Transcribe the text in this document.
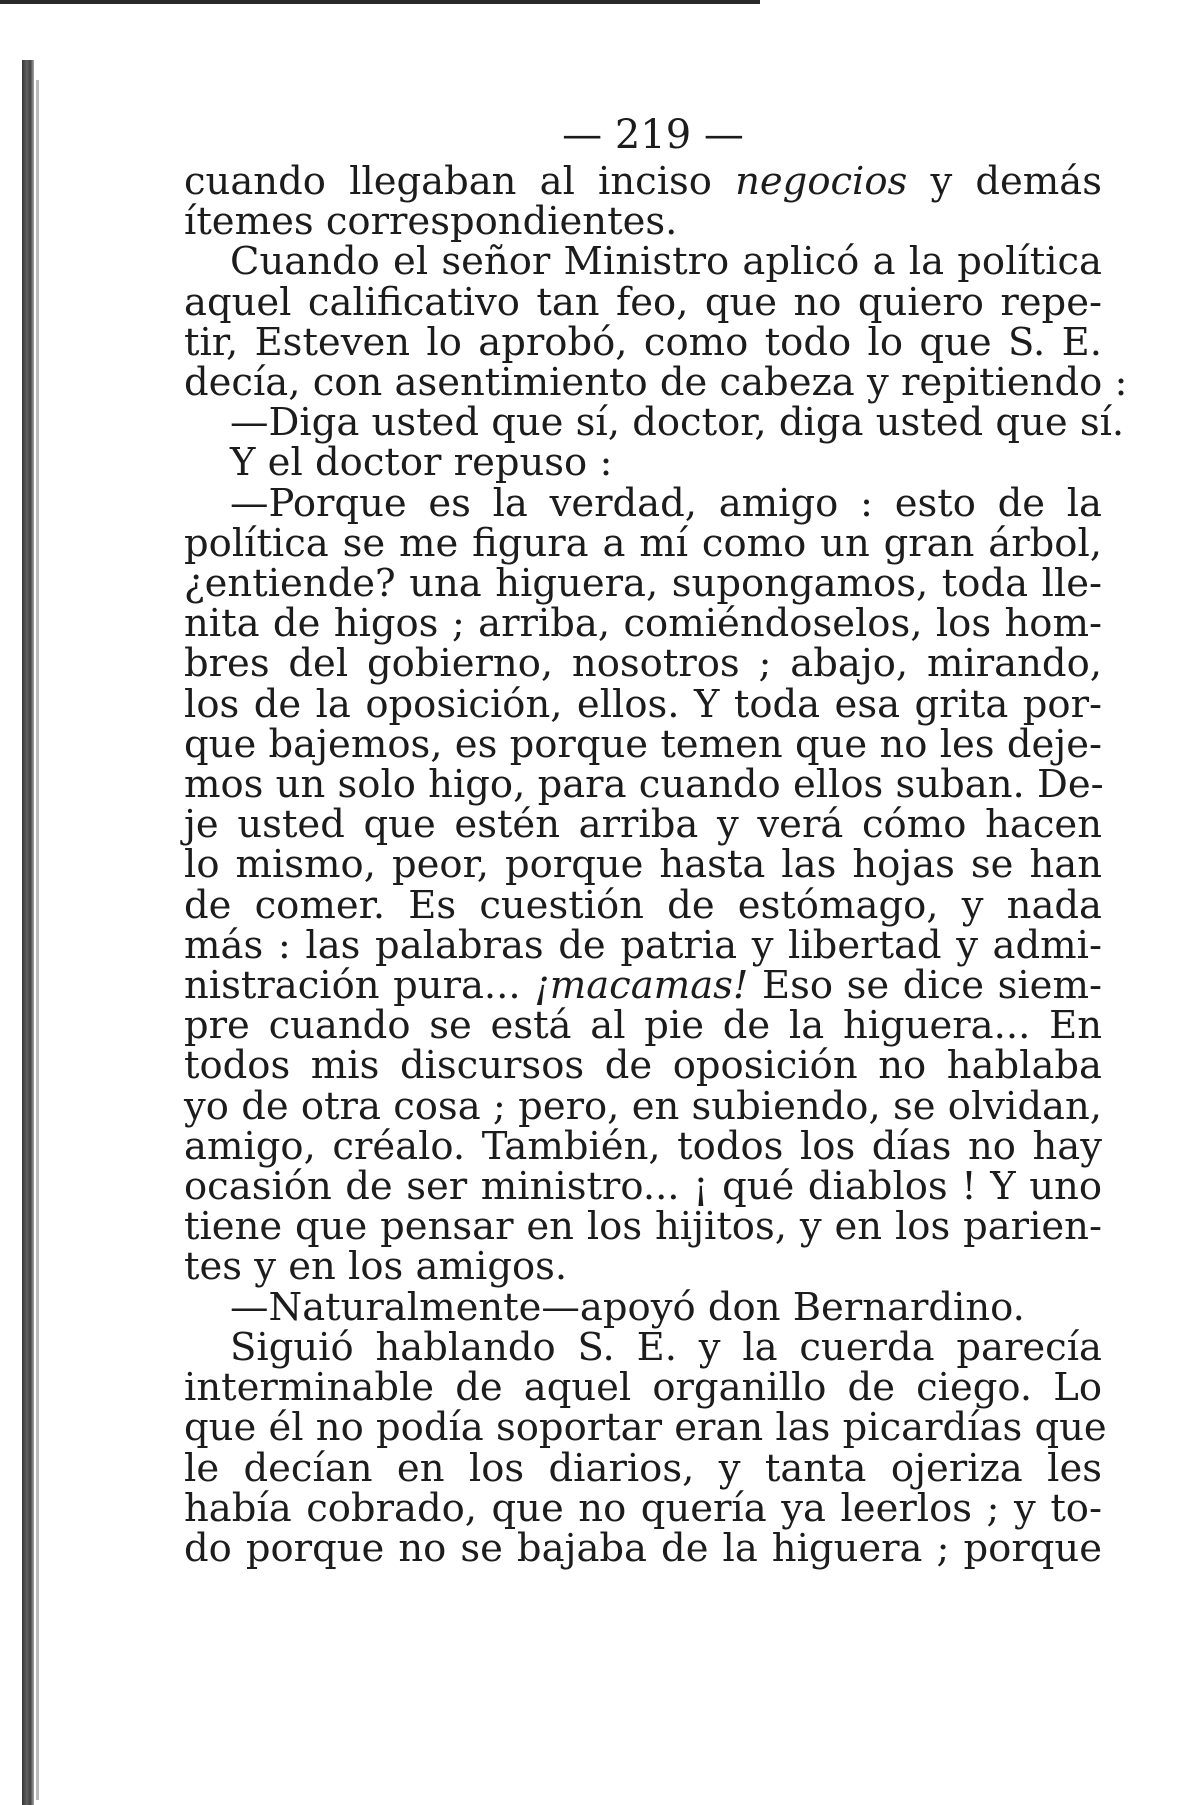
— 219 —
cuando llegaban al inciso negocios y demás
ítemes correspondientes.
Cuando el señor Ministro aplicó a la política
aquel calificativo tan feo, que no quiero repe-
tir, Esteven lo aprobó, como todo lo que S. E.
decía, con asentimiento de cabeza y repitiendo :
—Diga usted que sí, doctor, diga usted que sí.
Y el doctor repuso :
—Porque es la verdad, amigo : esto de la
política se me figura a mí como un gran árbol,
¿entiende? una higuera, supongamos, toda lle-
nita de higos ; arriba, comiéndoselos, los hom-
bres del gobierno, nosotros ; abajo, mirando,
los de la oposición, ellos. Y toda esa grita por-
que bajemos, es porque temen que no les deje-
mos un solo higo, para cuando ellos suban. De-
je usted que estén arriba y verá cómo hacen
lo mismo, peor, porque hasta las hojas se han
de comer. Es cuestión de estómago, y nada
más : las palabras de patria y libertad y admi-
nistración pura... ¡macamas! Eso se dice siem-
pre cuando se está al pie de la higuera... En
todos mis discursos de oposición no hablaba
yo de otra cosa ; pero, en subiendo, se olvidan,
amigo, créalo. También, todos los días no hay
ocasión de ser ministro... ¡ qué diablos ! Y uno
tiene que pensar en los hijitos, y en los parien-
tes y en los amigos.
—Naturalmente—apoyó don Bernardino.
Siguió hablando S. E. y la cuerda parecía
interminable de aquel organillo de ciego. Lo
que él no podía soportar eran las picardías que
le decían en los diarios, y tanta ojeriza les
había cobrado, que no quería ya leerlos ; y to-
do porque no se bajaba de la higuera ; porque
